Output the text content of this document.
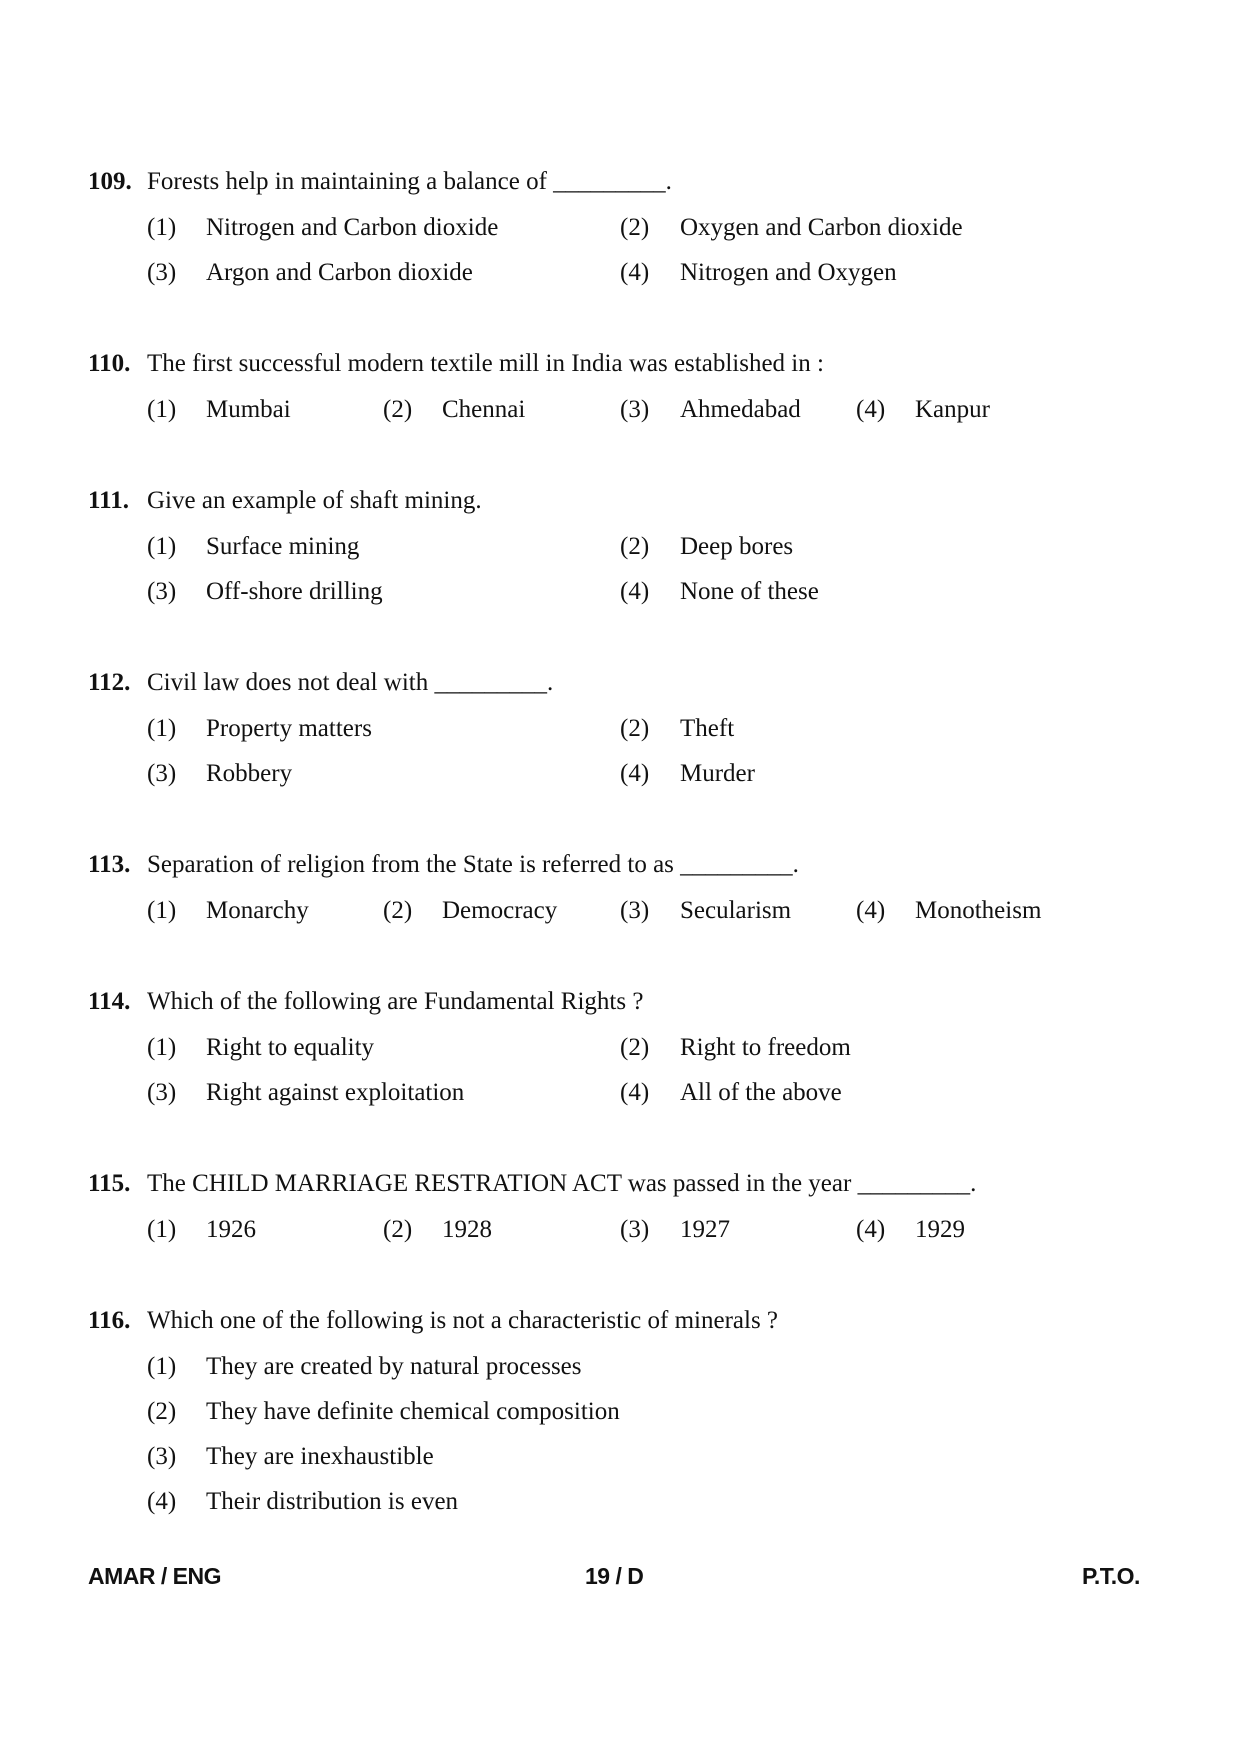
109. Forests help in maintaining a balance of _________.
(1) Nitrogen and Carbon dioxide	(2) Oxygen and Carbon dioxide
(3) Argon and Carbon dioxide	(4) Nitrogen and Oxygen
110. The first successful modern textile mill in India was established in :
(1) Mumbai	(2) Chennai	(3) Ahmedabad (4) Kanpur
111. Give an example of shaft mining.
(1) Surface mining	(2) Deep bores
(3) Off-shore drilling	(4) None of these
112. Civil law does not deal with _________.
(1) Property matters	(2) Theft
(3) Robbery	(4) Murder
113. Separation of religion from the State is referred to as _________.
(1) Monarchy	(2) Democracy	(3) Secularism	(4) Monotheism
114. Which of the following are Fundamental Rights ?
(1) Right to equality	(2) Right to freedom
(3) Right against exploitation	(4) All of the above
115. The CHILD MARRIAGE RESTRATION ACT was passed in the year _________.
(1) 1926	(2) 1928	(3) 1927	(4) 1929
116. Which one of the following is not a characteristic of minerals ?
(1) They are created by natural processes
(2) They have definite chemical composition
(3) They are inexhaustible
(4) Their distribution is even
AMAR / ENG	19 / D	P.T.O.
